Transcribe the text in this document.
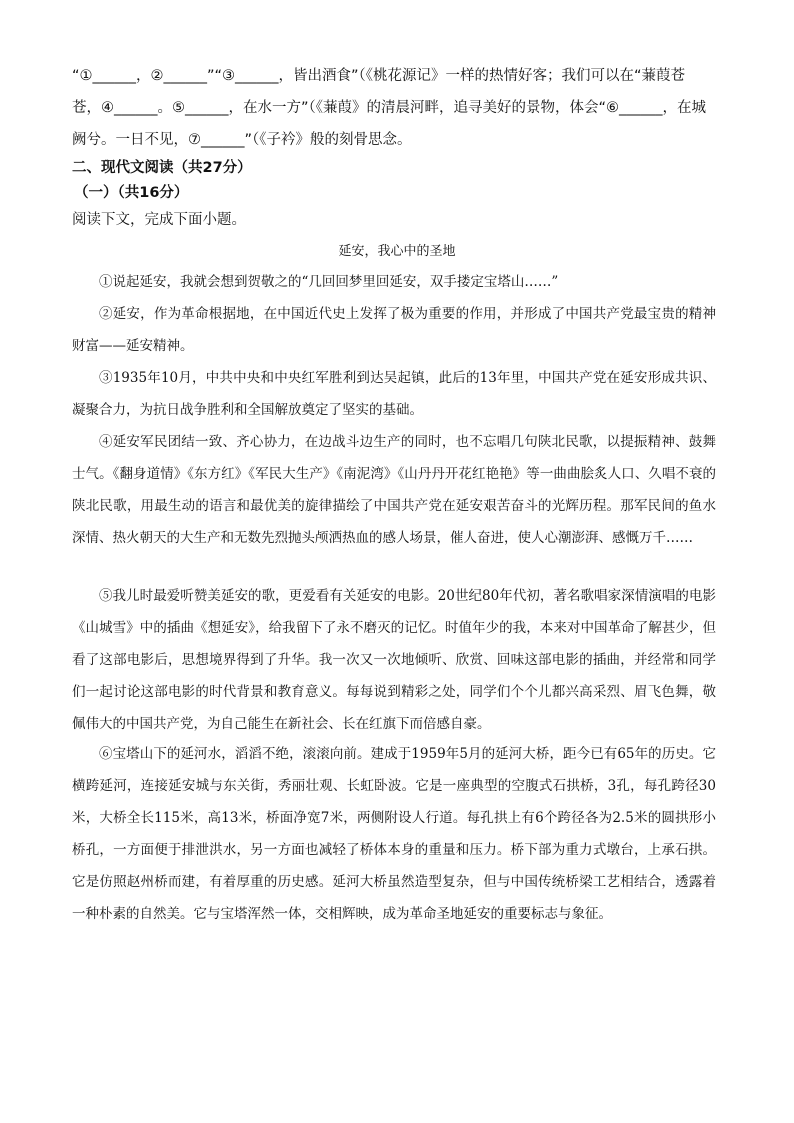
“①______，②______”“③______，皆出酒食”（《桃花源记》一样的热情好客；我们可以在“蒹葭苍
苍，④______。⑤______，在水一方”（《蒹葭》的清晨河畔，追寻美好的景物，体会“⑥______，在城
阙兮。一日不见，⑦______”（《子衿》般的刻骨思念。
二、现代文阅读（共27分）
（一）（共16分）
阅读下文，完成下面小题。
延安，我心中的圣地
①说起延安，我就会想到贺敬之的“几回回梦里回延安，双手搂定宝塔山……”
②延安，作为革命根据地，在中国近代史上发挥了极为重要的作用，并形成了中国共产党最宝贵的精神财富——延安精神。
③1935年10月，中共中央和中央红军胜利到达吴起镇，此后的13年里，中国共产党在延安形成共识、凝聚合力，为抗日战争胜利和全国解放奠定了坚实的基础。
④延安军民团结一致、齐心协力，在边战斗边生产的同时，也不忘唱几句陕北民歌，以提振精神、鼓舞士气。《翻身道情》《东方红》《军民大生产》《南泥湾》《山丹丹开花红艳艳》等一曲曲脍炙人口、久唱不衰的陕北民歌，用最生动的语言和最优美的旋律描绘了中国共产党在延安艰苦奋斗的光辉历程。那军民间的鱼水深情、热火朝天的大生产和无数先烈抛头颅洒热血的感人场景，催人奋进，使人心潮澎湃、感慨万千……
⑤我儿时最爱听赞美延安的歌，更爱看有关延安的电影。20世纪80年代初，著名歌唱家深情演唱的电影《山城雪》中的插曲《想延安》，给我留下了永不磨灭的记忆。时值年少的我，本来对中国革命了解甚少，但看了这部电影后，思想境界得到了升华。我一次又一次地倾听、欣赏、回味这部电影的插曲，并经常和同学们一起讨论这部电影的时代背景和教育意义。每每说到精彩之处，同学们个个儿都兴高采烈、眉飞色舞，敬佩伟大的中国共产党，为自己能生在新社会、长在红旗下而倍感自豪。
⑥宝塔山下的延河水，滔滔不绝，滚滚向前。建成于1959年5月的延河大桥，距今已有65年的历史。它横跨延河，连接延安城与东关街，秀丽壮观、长虹卧波。它是一座典型的空腹式石拱桥，3孔，每孔跨径30米，大桥全长115米，高13米，桥面净宽7米，两侧附设人行道。每孔拱上有6个跨径各为2.5米的圆拱形小桥孔，一方面便于排泄洪水，另一方面也减轻了桥体本身的重量和压力。桥下部为重力式墩台，上承石拱。它是仿照赵州桥而建，有着厚重的历史感。延河大桥虽然造型复杂，但与中国传统桥梁工艺相结合，透露着一种朴素的自然美。它与宝塔浑然一体，交相辉映，成为革命圣地延安的重要标志与象征。
